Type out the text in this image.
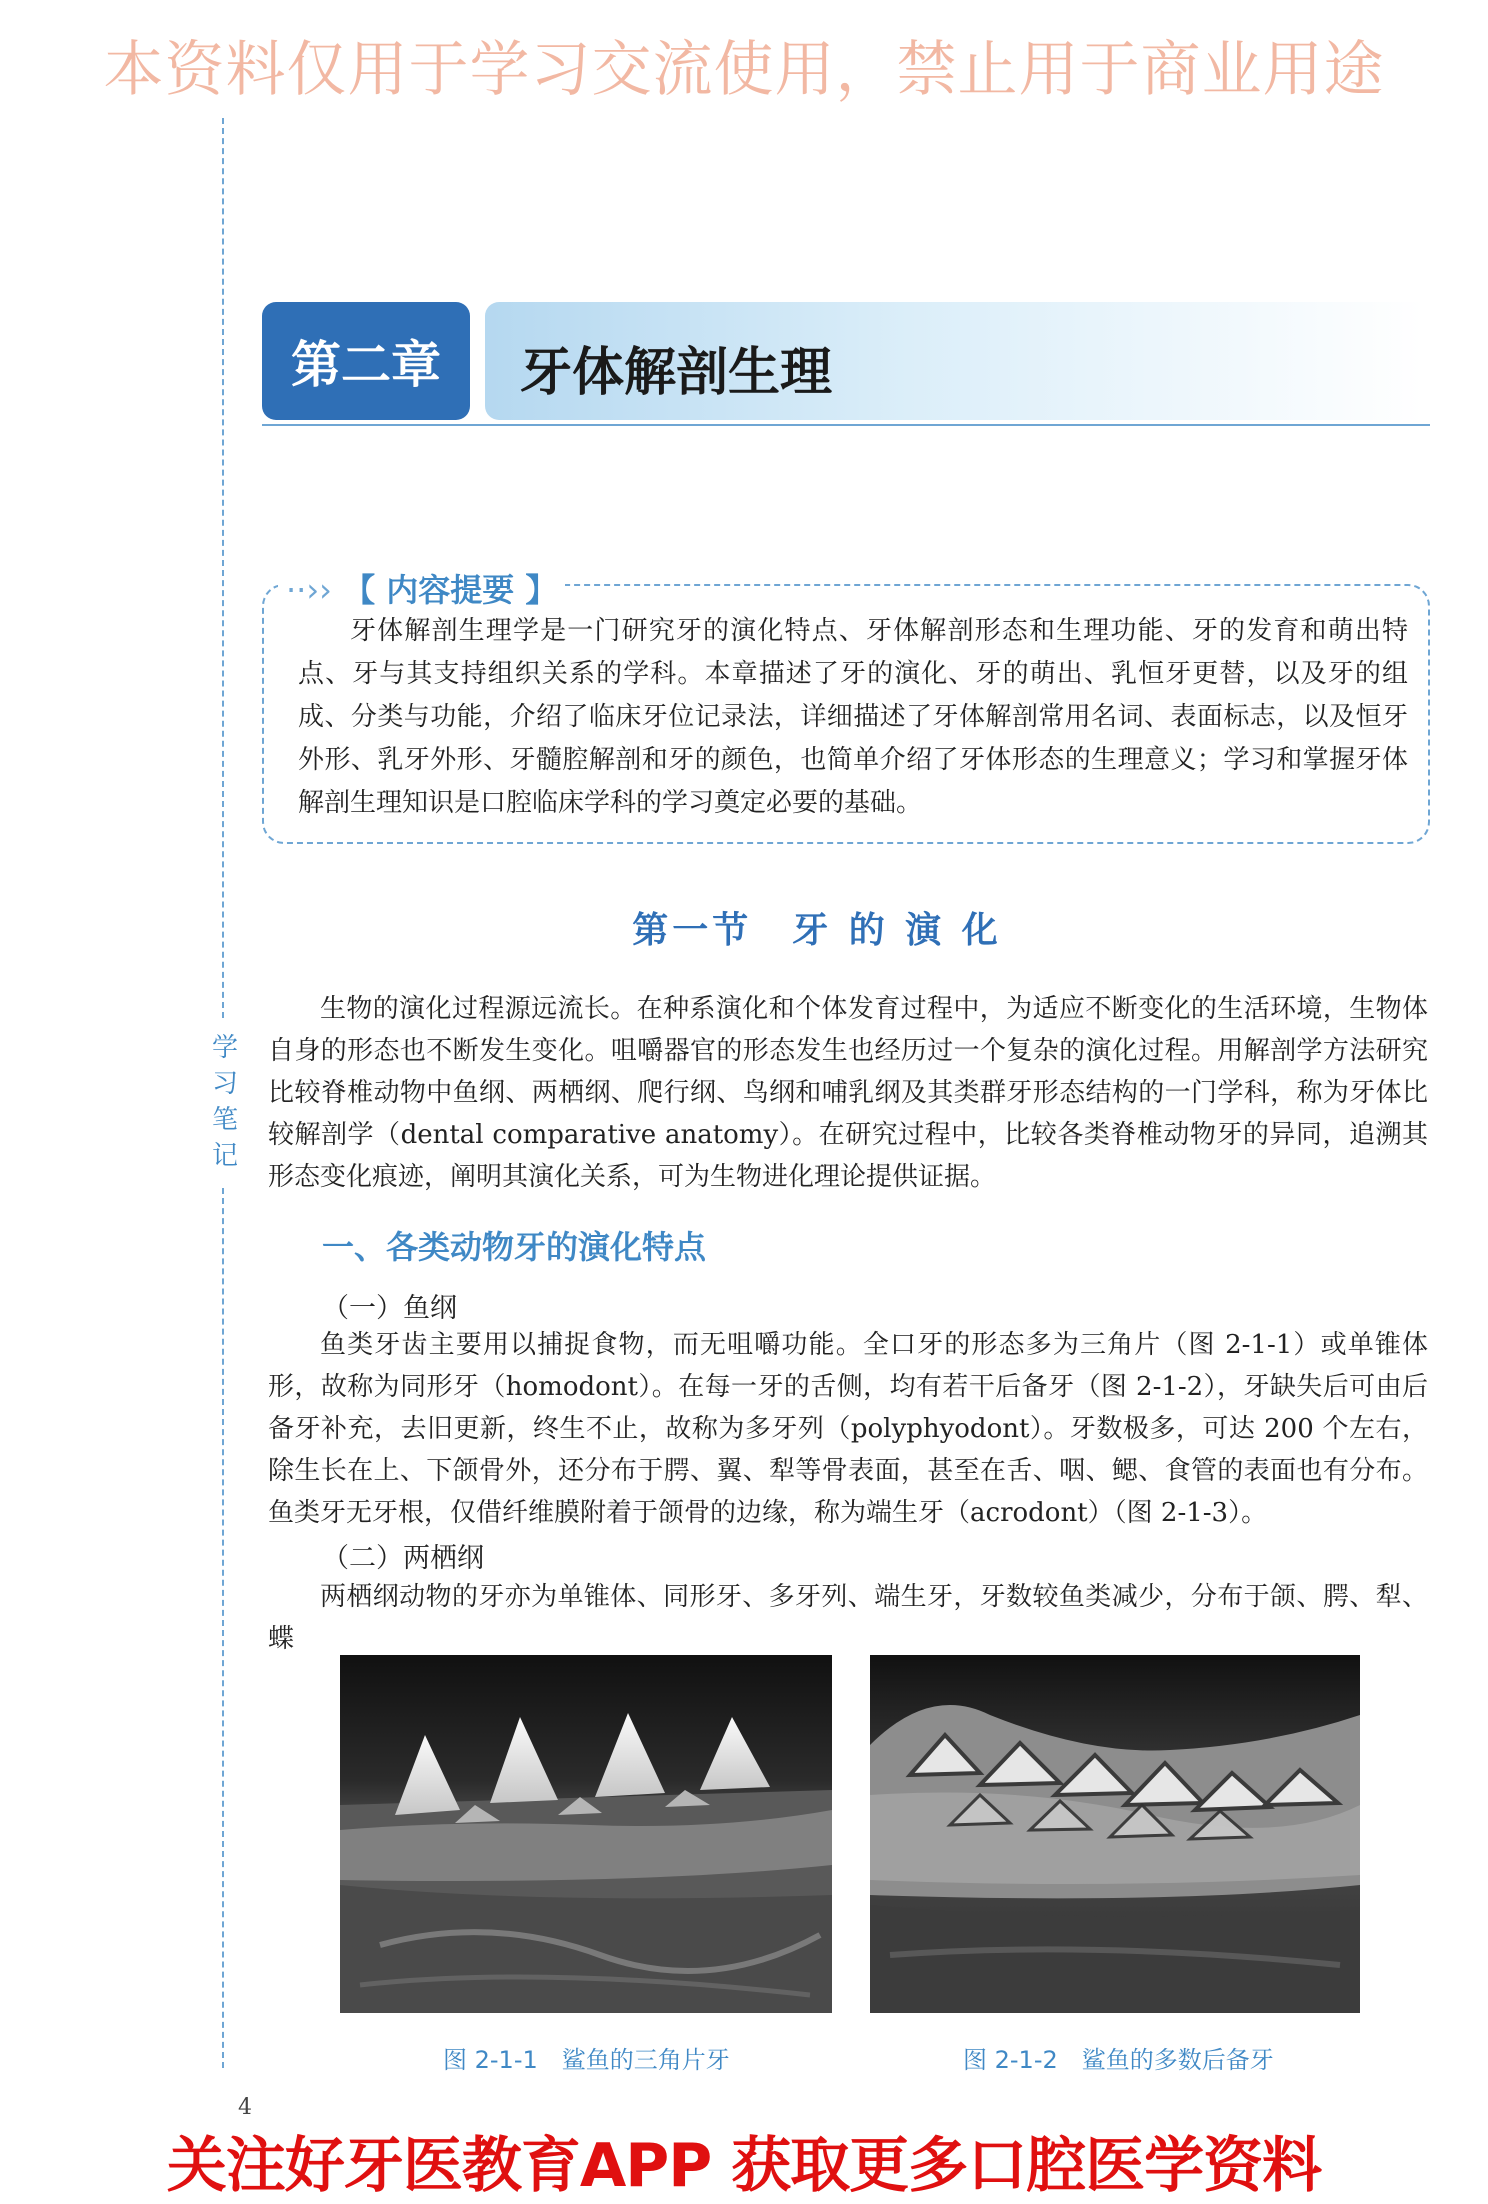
本资料仅用于学习交流使用，禁止用于商业用途
学
习
笔
记
第二章	牙体解剖生理
··›› 【 内容提要 】
牙体解剖生理学是一门研究牙的演化特点、牙体解剖形态和生理功能、牙的发育和萌出特点、牙与其支持组织关系的学科。本章描述了牙的演化、牙的萌出、乳恒牙更替，以及牙的组成、分类与功能，介绍了临床牙位记录法，详细描述了牙体解剖常用名词、表面标志，以及恒牙外形、乳牙外形、牙髓腔解剖和牙的颜色，也简单介绍了牙体形态的生理意义；学习和掌握牙体解剖生理知识是口腔临床学科的学习奠定必要的基础。
第一节　牙 的 演 化
生物的演化过程源远流长。在种系演化和个体发育过程中，为适应不断变化的生活环境，生物体自身的形态也不断发生变化。咀嚼器官的形态发生也经历过一个复杂的演化过程。用解剖学方法研究比较脊椎动物中鱼纲、两栖纲、爬行纲、鸟纲和哺乳纲及其类群牙形态结构的一门学科，称为牙体比较解剖学（dental comparative anatomy）。在研究过程中，比较各类脊椎动物牙的异同，追溯其形态变化痕迹，阐明其演化关系，可为生物进化理论提供证据。
一、各类动物牙的演化特点
（一）鱼纲
鱼类牙齿主要用以捕捉食物，而无咀嚼功能。全口牙的形态多为三角片（图 2-1-1）或单锥体形，故称为同形牙（homodont）。在每一牙的舌侧，均有若干后备牙（图 2-1-2），牙缺失后可由后备牙补充，去旧更新，终生不止，故称为多牙列（polyphyodont）。牙数极多，可达 200 个左右，除生长在上、下颌骨外，还分布于腭、翼、犁等骨表面，甚至在舌、咽、鳃、食管的表面也有分布。鱼类牙无牙根，仅借纤维膜附着于颌骨的边缘，称为端生牙（acrodont）（图 2-1-3）。
（二）两栖纲
两栖纲动物的牙亦为单锥体、同形牙、多牙列、端生牙，牙数较鱼类减少，分布于颌、腭、犁、蝶
图 2-1-1　鲨鱼的三角片牙	图 2-1-2　鲨鱼的多数后备牙
4
关注好牙医教育APP 获取更多口腔医学资料
